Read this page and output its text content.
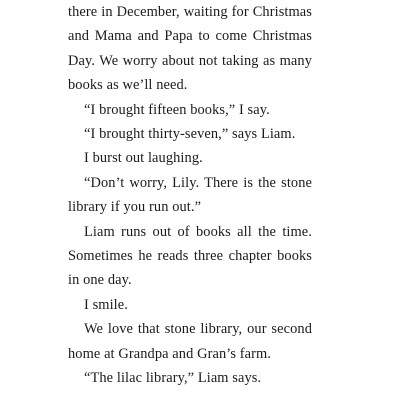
there in December, waiting for Christmas and Mama and Papa to come Christmas Day. We worry about not taking as many books as we’ll need.

“I brought fifteen books,” I say.

“I brought thirty-seven,” says Liam.

I burst out laughing.

“Don’t worry, Lily. There is the stone library if you run out.”

Liam runs out of books all the time. Sometimes he reads three chapter books in one day.

I smile.

We love that stone library, our second home at Grandpa and Gran’s farm.

“The lilac library,” Liam says.
